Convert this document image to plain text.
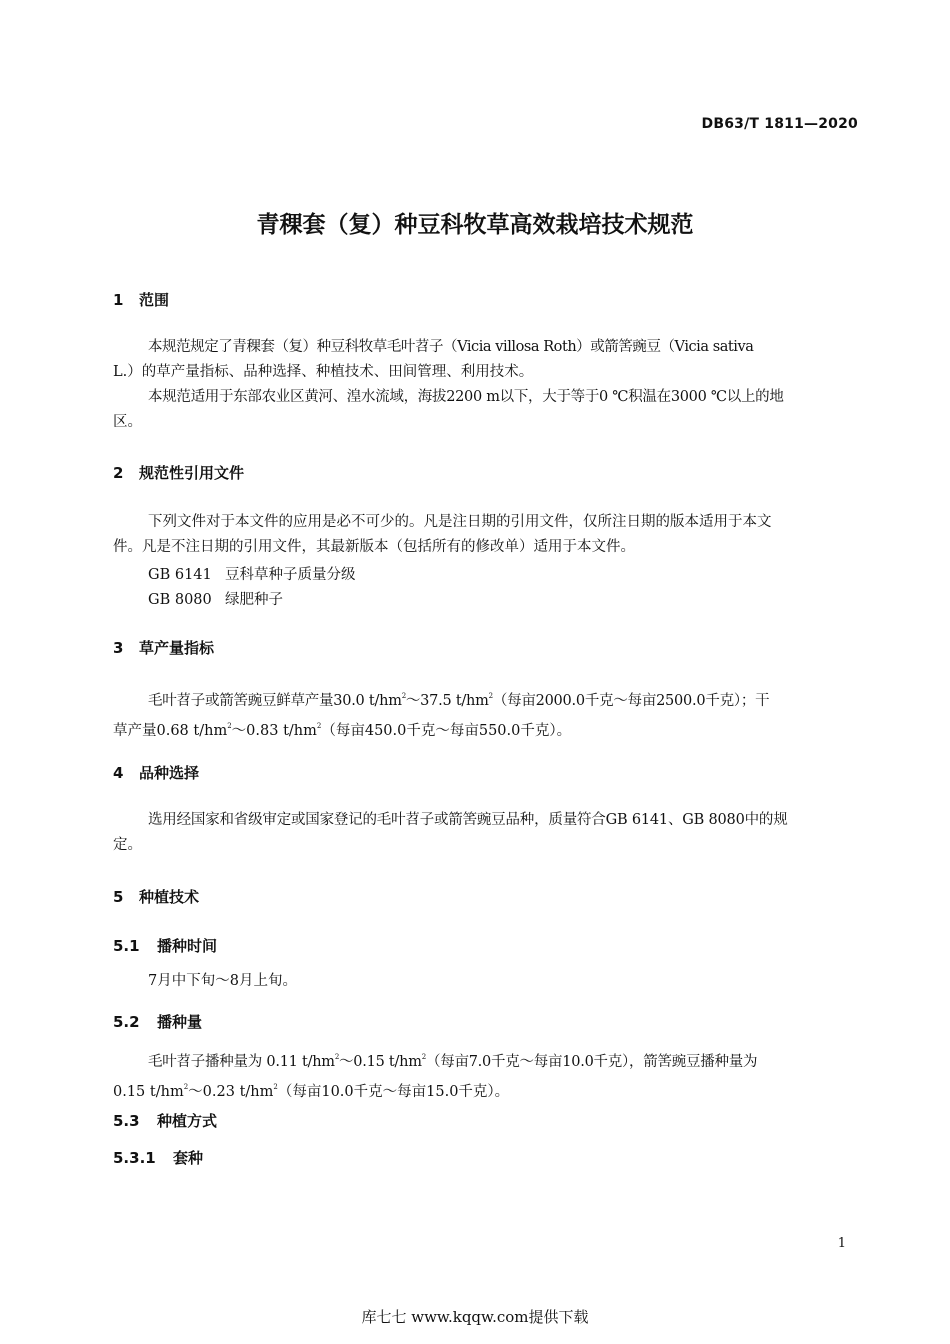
DB63/T 1811—2020
青稞套（复）种豆科牧草高效栽培技术规范
1 范围
本规范规定了青稞套（复）种豆科牧草毛叶苕子（Vicia villosa Roth）或箭筈豌豆（Vicia sativa
L.）的草产量指标、品种选择、种植技术、田间管理、利用技术。
本规范适用于东部农业区黄河、湟水流域，海拔2200 m以下，大于等于0 ℃积温在3000 ℃以上的地
区。
2 规范性引用文件
下列文件对于本文件的应用是必不可少的。凡是注日期的引用文件，仅所注日期的版本适用于本文
件。凡是不注日期的引用文件，其最新版本（包括所有的修改单）适用于本文件。
GB 6141 豆科草种子质量分级
GB 8080 绿肥种子
3 草产量指标
毛叶苕子或箭筈豌豆鲜草产量30.0 $t/hm^2\sim 37.5$ $t/hm^2$（每亩2000.0千克～每亩2500.0千克）；干
草产量0.68 $t/hm^2\sim 0.83$ $t/hm^2$（每亩450.0千克～每亩550.0千克）。
4 品种选择
选用经国家和省级审定或国家登记的毛叶苕子或箭筈豌豆品种，质量符合GB 6141、GB 8080中的规
定。
5 种植技术
5.1 播种时间
7月中下旬～8月上旬。
5.2 播种量
毛叶苕子播种量为 0.11 $t/hm^2\sim 0.15$ $t/hm^2$（每亩7.0千克～每亩10.0千克），箭筈豌豆播种量为
0.15 $t/hm^2\sim 0.23$ $t/hm^2$（每亩10.0千克～每亩15.0千克）。
5.3 种植方式
5.3.1 套种
1
库七七 www.kqqw.com提供下载
